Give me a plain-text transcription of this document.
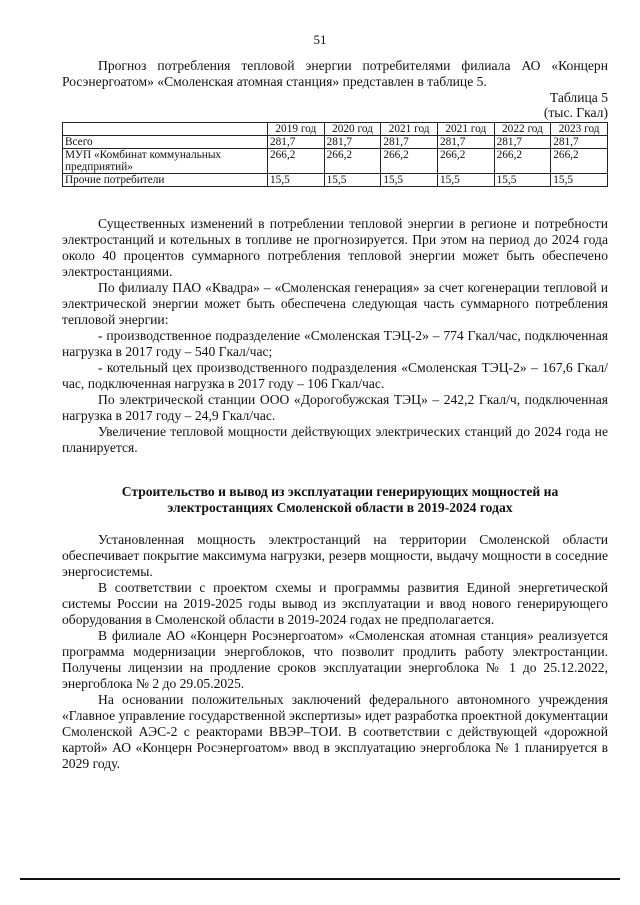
51

Прогноз потребления тепловой энергии потребителями филиала АО «Концерн Росэнергоатом» «Смоленская атомная станция» представлен в таблице 5.

Таблица 5

(тыс. Гкал)

	2019 год	2020 год	2021 год	2021 год	2022 год	2023 год
Всего	281,7	281,7	281,7	281,7	281,7	281,7
МУП «Комбинат коммунальных предприятий»	266,2	266,2	266,2	266,2	266,2	266,2
Прочие потребители	15,5	15,5	15,5	15,5	15,5	15,5

Существенных изменений в потреблении тепловой энергии в регионе и потребности электростанций и котельных в топливе не прогнозируется. При этом на период до 2024 года около 40 процентов суммарного потребления тепловой энергии может быть обеспечено электростанциями.

По филиалу ПАО «Квадра» – «Смоленская генерация» за счет когенерации тепловой и электрической энергии может быть обеспечена следующая часть суммарного потребления тепловой энергии:

- производственное подразделение «Смоленская ТЭЦ-2» – 774 Гкал/час, подключенная нагрузка в 2017 году – 540 Гкал/час;

- котельный цех производственного подразделения «Смоленская ТЭЦ-2» – 167,6 Гкал/час, подключенная нагрузка в 2017 году – 106 Гкал/час.

По электрической станции ООО «Дорогобужская ТЭЦ» – 242,2 Гкал/ч, подключенная нагрузка в 2017 году – 24,9 Гкал/час.

Увеличение тепловой мощности действующих электрических станций до 2024 года не планируется.

Строительство и вывод из эксплуатации генерирующих мощностей на электростанциях Смоленской области в 2019-2024 годах

Установленная мощность электростанций на территории Смоленской области обеспечивает покрытие максимума нагрузки, резерв мощности, выдачу мощности в соседние энергосистемы.

В соответствии с проектом схемы и программы развития Единой энергетической системы России на 2019-2025 годы вывод из эксплуатации и ввод нового генерирующего оборудования в Смоленской области в 2019-2024 годах не предполагается.

В филиале АО «Концерн Росэнергоатом» «Смоленская атомная станция» реализуется программа модернизации энергоблоков, что позволит продлить работу электростанции. Получены лицензии на продление сроков эксплуатации энергоблока № 1 до 25.12.2022, энергоблока № 2 до 29.05.2025.

На основании положительных заключений федерального автономного учреждения «Главное управление государственной экспертизы» идет разработка проектной документации Смоленской АЭС-2 с реакторами ВВЭР–ТОИ. В соответствии с действующей «дорожной картой» АО «Концерн Росэнергоатом» ввод в эксплуатацию энергоблока № 1 планируется в 2029 году.
